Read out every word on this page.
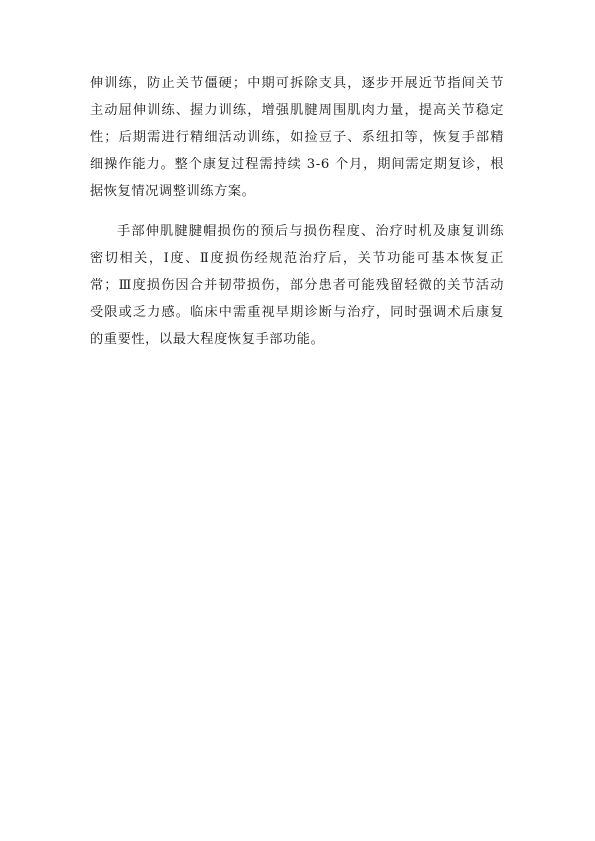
伸训练，防止关节僵硬；中期可拆除支具，逐步开展近节指间关节
主动屈伸训练、握力训练，增强肌腱周围肌肉力量，提高关节稳定
性；后期需进行精细活动训练，如捡豆子、系纽扣等，恢复手部精
细操作能力。整个康复过程需持续 3-6 个月，期间需定期复诊，根
据恢复情况调整训练方案。
手部伸肌腱腱帽损伤的预后与损伤程度、治疗时机及康复训练
密切相关，Ⅰ度、Ⅱ度损伤经规范治疗后，关节功能可基本恢复正
常；Ⅲ度损伤因合并韧带损伤，部分患者可能残留轻微的关节活动
受限或乏力感。临床中需重视早期诊断与治疗，同时强调术后康复
的重要性，以最大程度恢复手部功能。
